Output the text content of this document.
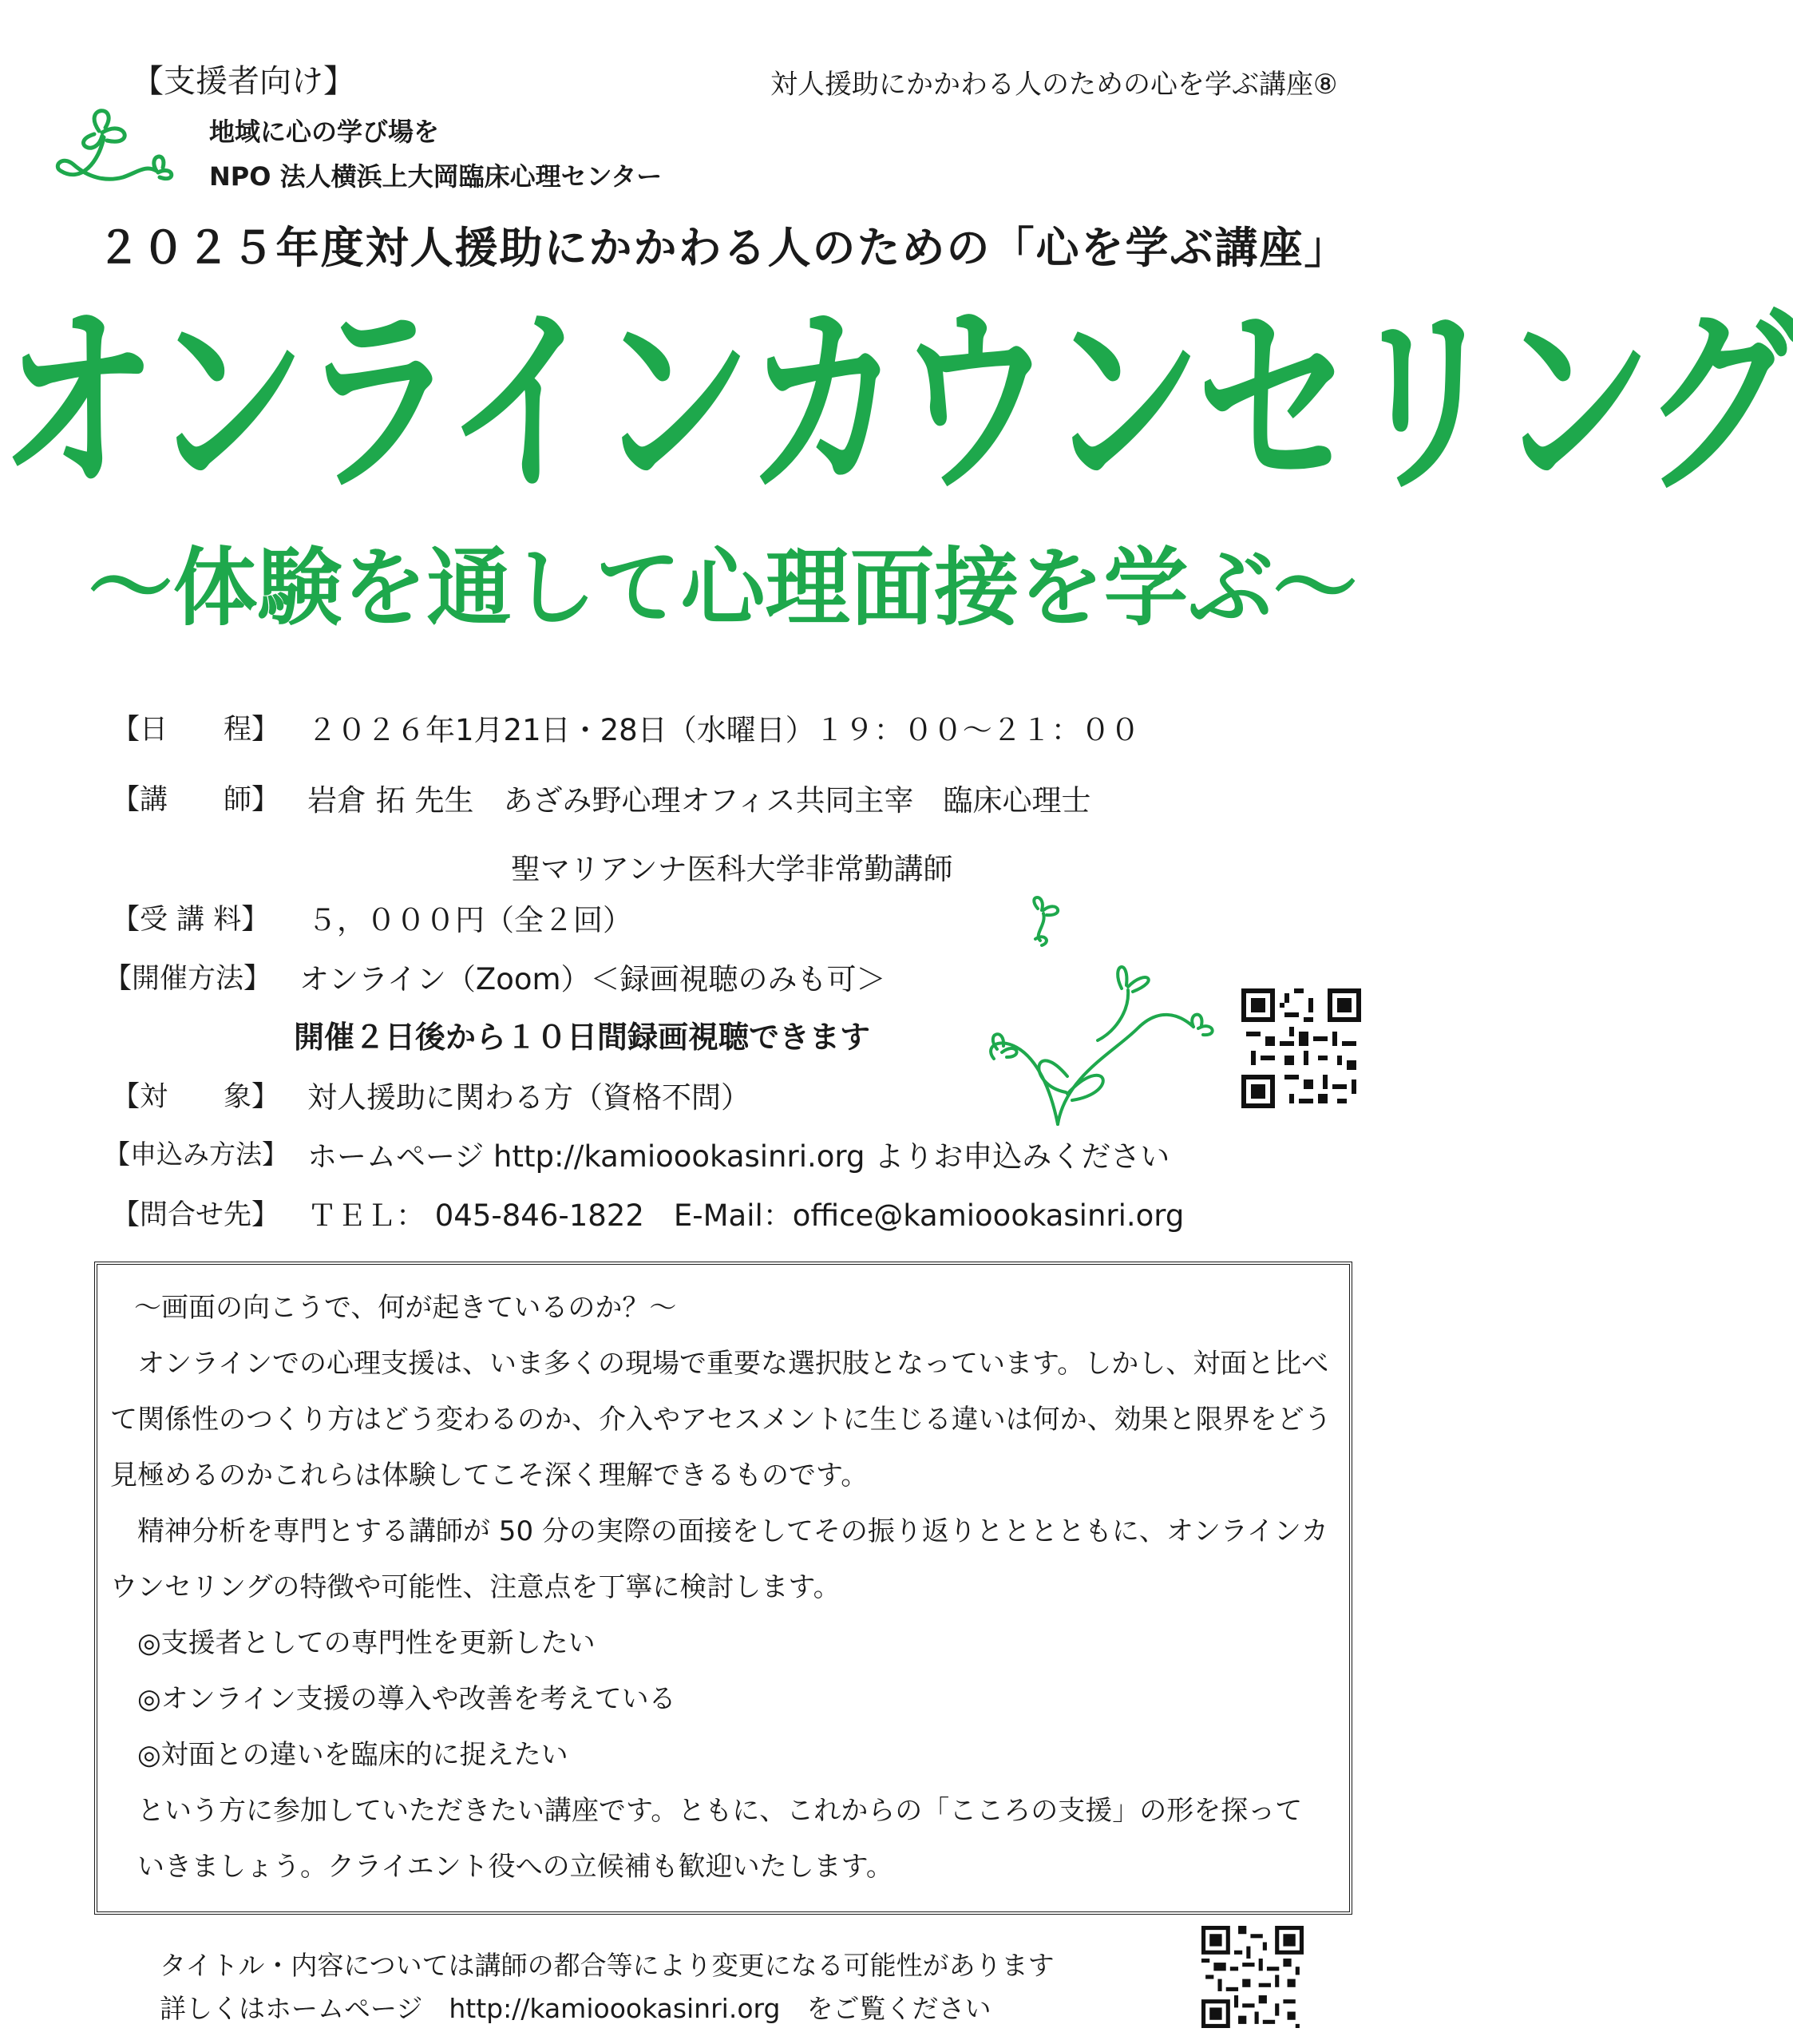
【支援者向け】	対人援助にかかわる人のための心を学ぶ講座⑧
地域に心の学び場を
NPO 法人横浜上大岡臨床心理センター
２０２５年度対人援助にかかわる人のための「心を学ぶ講座」
オンラインカウンセリング
～体験を通して心理面接を学ぶ～
【日　　程】 ２０２６年1月21日・28日（水曜日）１９：００～２１：００
【講　　師】 岩倉 拓 先生　あざみ野心理オフィス共同主宰　臨床心理士
聖マリアンナ医科大学非常勤講師
【受 講 料】 ５，０００円（全２回）
【開催方法】 オンライン（Zoom）＜録画視聴のみも可＞
開催２日後から１０日間録画視聴できます
【対　　象】 対人援助に関わる方（資格不問）
【申込み方法】 ホームページ http://kamioookasinri.org よりお申込みください
【問合せ先】 ＴＥＬ： 045-846-1822　E-Mail：office@kamioookasinri.org
～画面の向こうで、何が起きているのか？～
　オンラインでの心理支援は、いま多くの現場で重要な選択肢となっています。しかし、対面と比べ
て関係性のつくり方はどう変わるのか、介入やアセスメントに生じる違いは何か、効果と限界をどう
見極めるのかこれらは体験してこそ深く理解できるものです。
　精神分析を専門とする講師が 50 分の実際の面接をしてその振り返りとととともに、オンラインカ
ウンセリングの特徴や可能性、注意点を丁寧に検討します。
　◎支援者としての専門性を更新したい
　◎オンライン支援の導入や改善を考えている
　◎対面との違いを臨床的に捉えたい
　という方に参加していただきたい講座です。ともに、これからの「こころの支援」の形を探って
　いきましょう。クライエント役への立候補も歓迎いたします。
タイトル・内容については講師の都合等により変更になる可能性があります
詳しくはホームページ　http://kamioookasinri.org　をご覧ください
